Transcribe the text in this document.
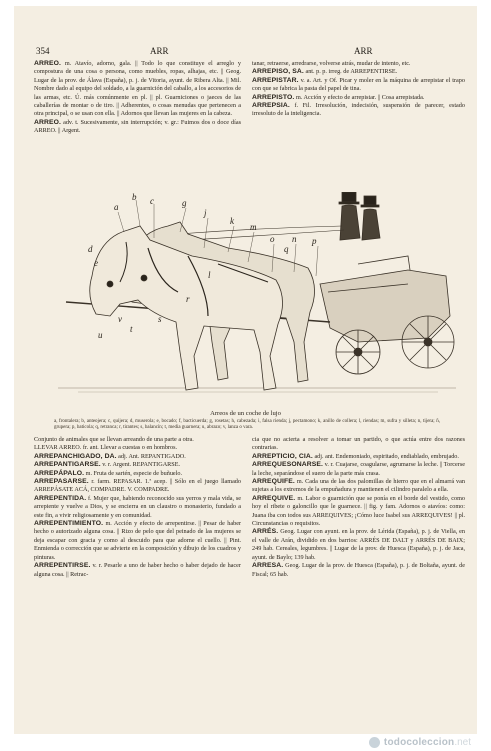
354	ARR	ARR

ARREO. m. Atavío, adorno, gala. || Todo lo que constituye el arreglo y compostura de una cosa o persona, como muebles, ropas, alhajas, etc. || Geog. Lugar de la prov. de Álava (España), p. j. de Vitoria, ayunt. de Ribera Alta. || Mil. Nombre dado al equipo del soldado, a la guarnición del caballo, a los accesorios de las armas, etc. Ú. más comúnmente en pl. || pl. Guarniciones o jaeces de las caballerías de montar o de tiro. || Adherentes, o cosas menudas que pertenecen a otra principal, o se usan con ella. || Adornos que llevan las mujeres en la cabeza.

ARREO. adv. t. Sucesivamente, sin interrupción; v. gr.: Fuimos dos o doce días ARREO. || Argent.

tanar, retraerse, arredrarse, volverse atrás, mudar de intento, etc.

ARREPISO, SA. ant. p. p. irreg. de ARREPENTIRSE.

ARREPISTAR. v. a. Art. y Of. Picar y moler en la máquina de arrepistar el trapo con que se fabrica la pasta del papel de tina.

ARREPISTO. m. Acción y efecto de arrepistar. || Cosa arrepistada.

ARREPSIA. f. Fil. Irresolución, indecisión, suspensión de parecer, estado irresoluto de la inteligencia.

a
b c	g
j
k
m
o n p
d
e
l
q
v
u
t
s
r
Arreos de un coche de lujo
a, frontalera; b, anteojera; c, quijera; d, muserola; e, bocado; f, bacticuerda; g, rosetas; h, cabezada; i, falsa rienda; j, pectamono; k, anillo de collera; l, riendas; m, sufra y silleta; n, tijera; ñ, grupera; p, baticola; q, retranca; r, tirantes; s, balancín; t, media guarnera; u, abrazo; v, lanza o vara.

Conjunto de animales que se llevan arreando de una parte a otra.

LLEVAR ARREO. fr. ant. Llevar a cuestas o en hombros.

ARREPANCHIGADO, DA. adj. Ant. REPANTIGADO.

ARREPANTIGARSE. v. r. Argent. REPANTIGARSE.

ARREPÁPALO. m. Fruta de sartén, especie de buñuelo.

ARREPASARSE. r. farm. REPASAR. 1.ª acep. || Sólo en el juego llamado ARREPÁSATE ACÁ, COMPADRE. V. COMPADRE.

ARREPENTIDA. f. Mujer que, habiendo reconocido sus yerros y mala vida, se arrepiente y vuelve a Dios, y se encierra en un claustro o monasterio, fundado a este fin, a vivir religiosamente y en comunidad.

ARREPENTIMIENTO. m. Acción y efecto de arrepentirse. || Pesar de haber hecho o autorizado alguna cosa. || Rizo de pelo que del peinado de las mujeres se deja escapar con gracia y como al descuido para que adorne el cuello. || Pint. Enmienda o corrección que se advierte en la composición y dibujo de los cuadros y pinturas.

ARREPENTIRSE. v. r. Pesarle a uno de haber hecho o haber dejado de hacer alguna cosa. || Retrac-

cia que no acierta a resolver a tomar un partido, o que actúa entre dos razones contrarias.

ARREPTICIO, CIA. adj. ant. Endemoniado, espiritado, endiablado, embrujado.

ARREQUESONARSE. v. r. Cuajarse, coagularse, agrumarse la leche. || Torcerse la leche, separándose el suero de la parte más crasa.

ARREQUIFE. m. Cada una de las dos palomillas de hierro que en el almarrá van sujetas a los extremos de la empuñadura y mantienen el cilindro paralelo a ella.

ARREQUIVE. m. Labor o guarnición que se ponía en el borde del vestido, como hoy el ribete o galoncillo que le guarnece. || fig. y fam. Adornos o atavíos: como: Juana iba con todos sus ARREQUIVES; ¡Cómo luce Isabel sus ARREQUIVES! || pl. Circunstancias o requisitos.

ARRÉS. Geog. Lugar con ayunt. en la prov. de Lérida (España), p. j. de Viella, en el valle de Arán, dividido en dos barrios: ARRÉS DE DALT y ARRÉS DE BAIX; 249 hab. Cereales, legumbres. || Lugar de la prov. de Huesca (España), p. j. de Jaca, ayunt. de Baylo; 139 hab.

ARRESA. Geog. Lugar de la prov. de Huesca (España), p. j. de Boltaña, ayunt. de Fiscal; 65 hab.

todocoleccion .net
